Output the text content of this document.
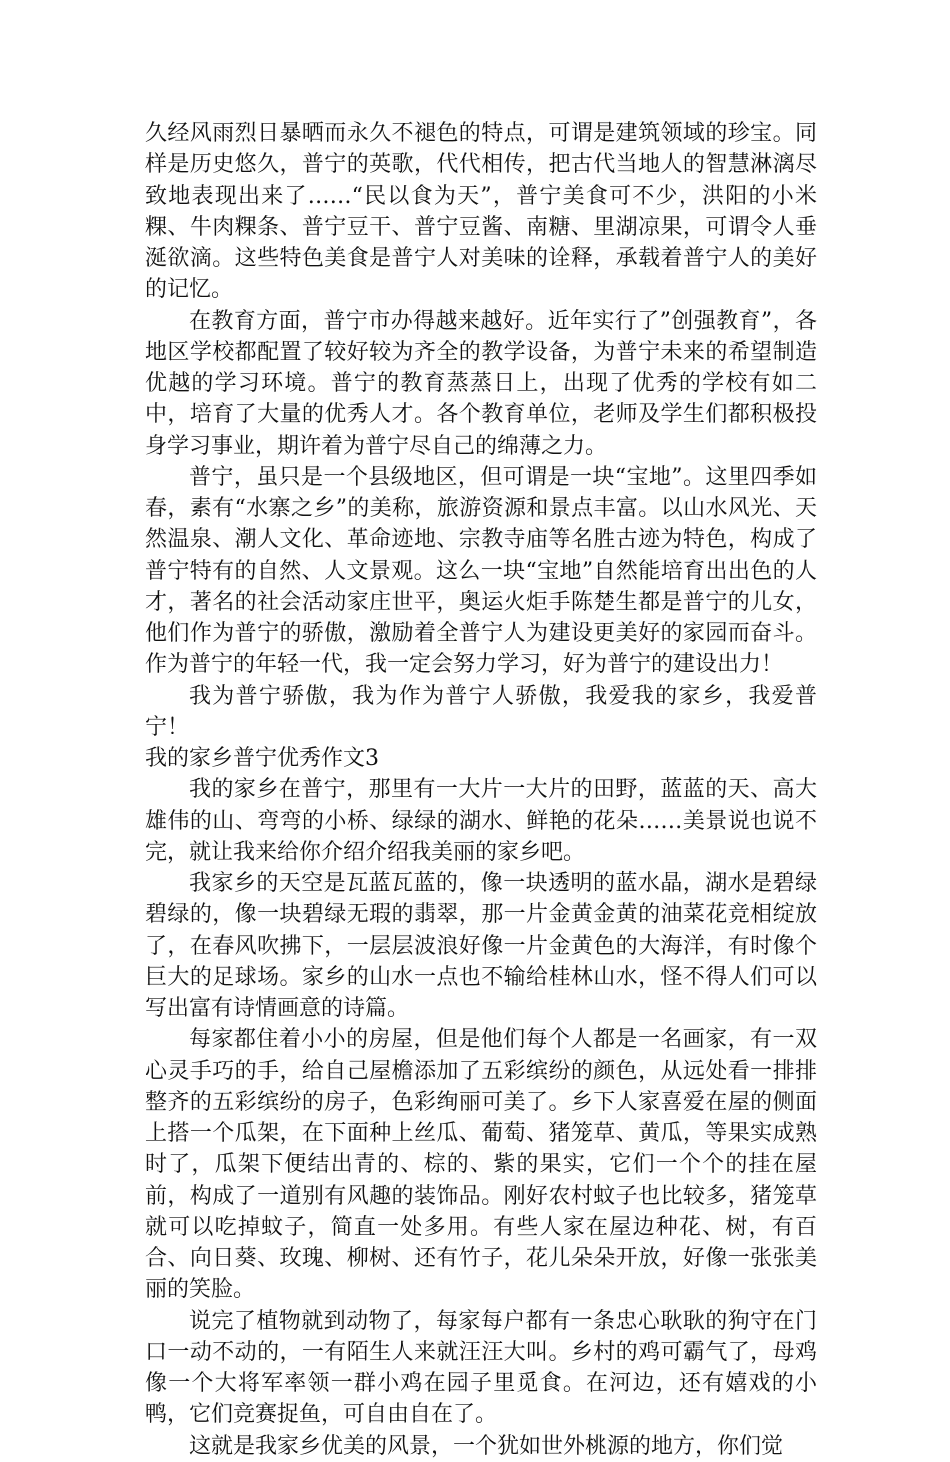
久经风雨烈日暴晒而永久不褪色的特点，可谓是建筑领域的珍宝。同样是历史悠久，普宁的英歌，代代相传，把古代当地人的智慧淋漓尽致地表现出来了……“民以食为天”，普宁美食可不少，洪阳的小米粿、牛肉粿条、普宁豆干、普宁豆酱、南糖、里湖凉果，可谓令人垂涎欲滴。这些特色美食是普宁人对美味的诠释，承载着普宁人的美好的记忆。

在教育方面，普宁市办得越来越好。近年实行了”创强教育”，各地区学校都配置了较好较为齐全的教学设备，为普宁未来的希望制造优越的学习环境。普宁的教育蒸蒸日上，出现了优秀的学校有如二中，培育了大量的优秀人才。各个教育单位，老师及学生们都积极投身学习事业，期许着为普宁尽自己的绵薄之力。

普宁，虽只是一个县级地区，但可谓是一块“宝地”。这里四季如春，素有“水寨之乡”的美称，旅游资源和景点丰富。以山水风光、天然温泉、潮人文化、革命迹地、宗教寺庙等名胜古迹为特色，构成了普宁特有的自然、人文景观。这么一块“宝地”自然能培育出出色的人才，著名的社会活动家庄世平，奥运火炬手陈楚生都是普宁的儿女，他们作为普宁的骄傲，激励着全普宁人为建设更美好的家园而奋斗。作为普宁的年轻一代，我一定会努力学习，好为普宁的建设出力！

我为普宁骄傲，我为作为普宁人骄傲，我爱我的家乡，我爱普宁！

我的家乡普宁优秀作文3

我的家乡在普宁，那里有一大片一大片的田野，蓝蓝的天、高大雄伟的山、弯弯的小桥、绿绿的湖水、鲜艳的花朵……美景说也说不完，就让我来给你介绍介绍我美丽的家乡吧。

我家乡的天空是瓦蓝瓦蓝的，像一块透明的蓝水晶，湖水是碧绿碧绿的，像一块碧绿无瑕的翡翠，那一片金黄金黄的油菜花竞相绽放了，在春风吹拂下，一层层波浪好像一片金黄色的大海洋，有时像个巨大的足球场。家乡的山水一点也不输给桂林山水，怪不得人们可以写出富有诗情画意的诗篇。

每家都住着小小的房屋，但是他们每个人都是一名画家，有一双心灵手巧的手，给自己屋檐添加了五彩缤纷的颜色，从远处看一排排整齐的五彩缤纷的房子，色彩绚丽可美了。乡下人家喜爱在屋的侧面上搭一个瓜架，在下面种上丝瓜、葡萄、猪笼草、黄瓜，等果实成熟时了，瓜架下便结出青的、棕的、紫的果实，它们一个个的挂在屋前，构成了一道别有风趣的装饰品。刚好农村蚊子也比较多，猪笼草就可以吃掉蚊子，简直一处多用。有些人家在屋边种花、树，有百合、向日葵、玫瑰、柳树、还有竹子，花儿朵朵开放，好像一张张美丽的笑脸。

说完了植物就到动物了，每家每户都有一条忠心耿耿的狗守在门口一动不动的，一有陌生人来就汪汪大叫。乡村的鸡可霸气了，母鸡像一个大将军率领一群小鸡在园子里觅食。在河边，还有嬉戏的小鸭，它们竞赛捉鱼，可自由自在了。

这就是我家乡优美的风景，一个犹如世外桃源的地方，你们觉
